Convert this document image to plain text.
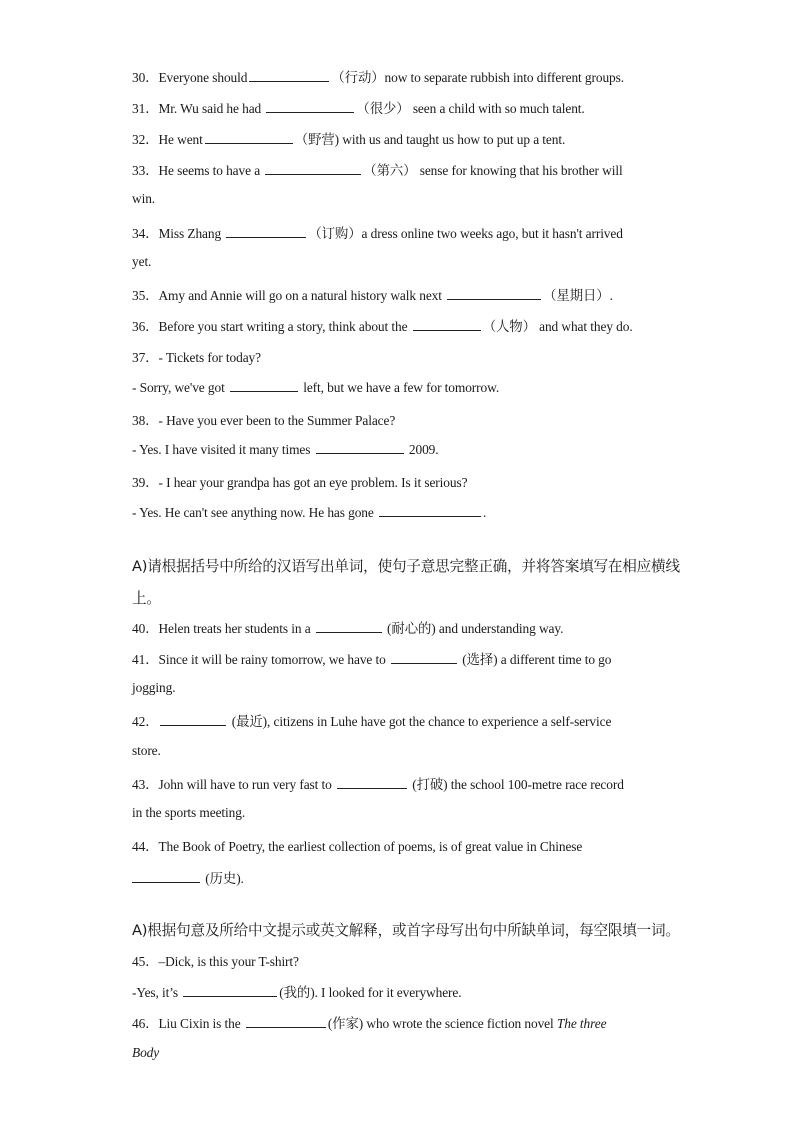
30．Everyone should	（行动）now to separate rubbish into different groups.
31．Mr. Wu said he had	（很少） seen a child with so much talent.
32．He went	（野营) with us and taught us how to put up a tent.
33．He seems to have a	（第六） sense for knowing that his brother will
win.
34．Miss Zhang	（订购）a dress online two weeks ago, but it hasn't arrived
yet.
35．Amy and Annie will go on a natural history walk next	（星期日）.
36．Before you start writing a story, think about the	（人物） and what they do.
37．- Tickets for today?
- Sorry, we've got	left, but we have a few for tomorrow.
38．- Have you ever been to the Summer Palace?
- Yes. I have visited it many times	2009.
39．- I hear your grandpa has got an eye problem. Is it serious?
- Yes. He can't see anything now. He has gone	.
A)请根据括号中所给的汉语写出单词，使句子意思完整正确，并将答案填写在相应横线
上。
40．Helen treats her students in a	(耐心的) and understanding way.
41．Since it will be rainy tomorrow, we have to	(选择) a different time to go
jogging.
42．	(最近), citizens in Luhe have got the chance to experience a self-service
store.
43．John will have to run very fast to	(打破) the school 100-metre race record
in the sports meeting.
44．The Book of Poetry, the earliest collection of poems, is of great value in Chinese
(历史).
A)根据句意及所给中文提示或英文解释，或首字母写出句中所缺单词，每空限填一词。
45．–Dick, is this your T-shirt?
-Yes, it’s	(我的). I looked for it everywhere.
46．Liu Cixin is the	(作家) who wrote the science fiction novel The three
Body
